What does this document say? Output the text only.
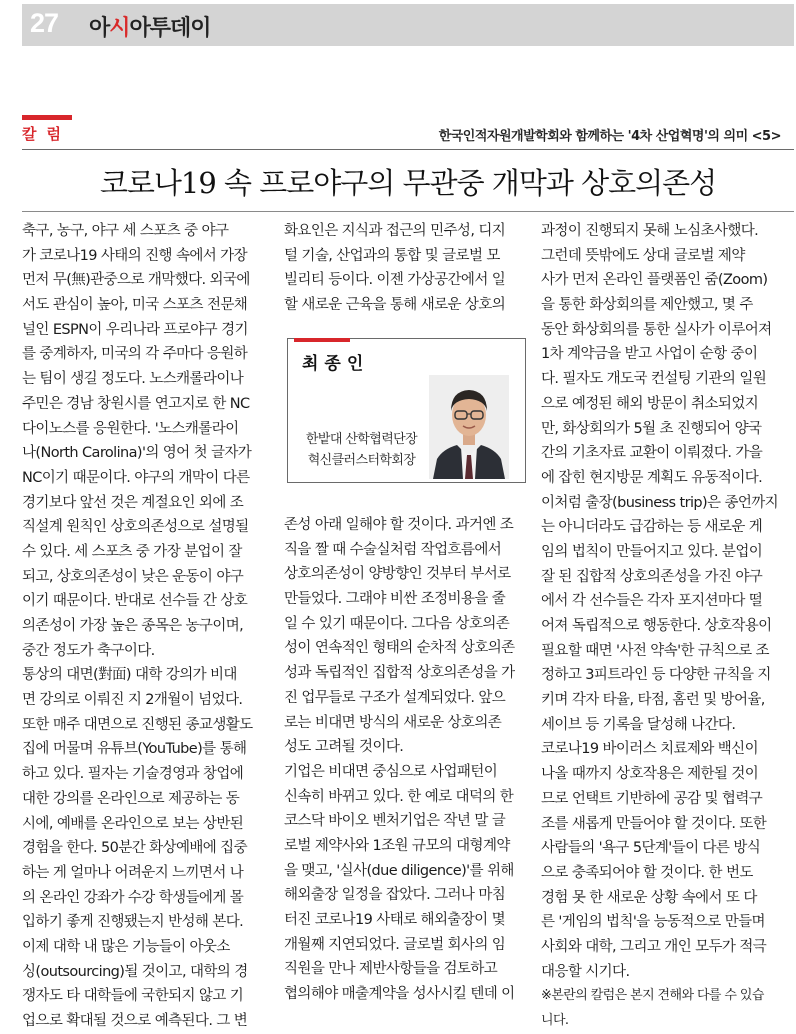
27 아시아투데이
칼럼	한국인적자원개발학회와 함께하는 '4차 산업혁명'의 의미 <5>
코로나19 속 프로야구의 무관중 개막과 상호의존성
축구, 농구, 야구 세 스포츠 중 야구
가 코로나19 사태의 진행 속에서 가장
먼저 무(無)관중으로 개막했다. 외국에
서도 관심이 높아, 미국 스포츠 전문채
널인 ESPN이 우리나라 프로야구 경기
를 중계하자, 미국의 각 주마다 응원하
는 팀이 생길 정도다. 노스캐롤라이나
주민은 경남 창원시를 연고지로 한 NC
다이노스를 응원한다. '노스캐롤라이
나(North Carolina)'의 영어 첫 글자가
NC이기 때문이다. 야구의 개막이 다른
경기보다 앞선 것은 계절요인 외에 조
직설계 원칙인 상호의존성으로 설명될
수 있다. 세 스포츠 중 가장 분업이 잘
되고, 상호의존성이 낮은 운동이 야구
이기 때문이다. 반대로 선수들 간 상호
의존성이 가장 높은 종목은 농구이며,
중간 정도가 축구이다.
통상의 대면(對面) 대학 강의가 비대
면 강의로 이뤄진 지 2개월이 넘었다.
또한 매주 대면으로 진행된 종교생활도
집에 머물며 유튜브(YouTube)를 통해
하고 있다. 필자는 기술경영과 창업에
대한 강의를 온라인으로 제공하는 동
시에, 예배를 온라인으로 보는 상반된
경험을 한다. 50분간 화상예배에 집중
하는 게 얼마나 어려운지 느끼면서 나
의 온라인 강좌가 수강 학생들에게 몰
입하기 좋게 진행됐는지 반성해 본다.
이제 대학 내 많은 기능들이 아웃소
싱(outsourcing)될 것이고, 대학의 경
쟁자도 타 대학들에 국한되지 않고 기
업으로 확대될 것으로 예측된다. 그 변
화요인은 지식과 접근의 민주성, 디지
털 기술, 산업과의 통합 및 글로벌 모
빌리티 등이다. 이젠 가상공간에서 일
할 새로운 근육을 통해 새로운 상호의
최종인
한밭대 산학협력단장
혁신클러스터학회장
존성 아래 일해야 할 것이다. 과거엔 조
직을 짤 때 수술실처럼 작업흐름에서
상호의존성이 양방향인 것부터 부서로
만들었다. 그래야 비싼 조정비용을 줄
일 수 있기 때문이다. 그다음 상호의존
성이 연속적인 형태의 순차적 상호의존
성과 독립적인 집합적 상호의존성을 가
진 업무들로 구조가 설계되었다. 앞으
로는 비대면 방식의 새로운 상호의존
성도 고려될 것이다.
기업은 비대면 중심으로 사업패턴이
신속히 바뀌고 있다. 한 예로 대덕의 한
코스닥 바이오 벤처기업은 작년 말 글
로벌 제약사와 1조원 규모의 대형계약
을 맺고, '실사(due diligence)'를 위해
해외출장 일정을 잡았다. 그러나 마침
터진 코로나19 사태로 해외출장이 몇
개월째 지연되었다. 글로벌 회사의 임
직원을 만나 제반사항들을 검토하고
협의해야 매출계약을 성사시킬 텐데 이
과정이 진행되지 못해 노심초사했다.
그런데 뜻밖에도 상대 글로벌 제약
사가 먼저 온라인 플랫폼인 줌(Zoom)
을 통한 화상회의를 제안했고, 몇 주
동안 화상회의를 통한 실사가 이루어져
1차 계약금을 받고 사업이 순항 중이
다. 필자도 개도국 컨설팅 기관의 일원
으로 예정된 해외 방문이 취소되었지
만, 화상회의가 5월 초 진행되어 양국
간의 기초자료 교환이 이뤄졌다. 가을
에 잡힌 현지방문 계획도 유동적이다.
이처럼 출장(business trip)은 종언까지
는 아니더라도 급감하는 등 새로운 게
임의 법칙이 만들어지고 있다. 분업이
잘 된 집합적 상호의존성을 가진 야구
에서 각 선수들은 각자 포지션마다 떨
어져 독립적으로 행동한다. 상호작용이
필요할 때면 '사전 약속'한 규칙으로 조
정하고 3피트라인 등 다양한 규칙을 지
키며 각자 타율, 타점, 홈런 및 방어율,
세이브 등 기록을 달성해 나간다.
코로나19 바이러스 치료제와 백신이
나올 때까지 상호작용은 제한될 것이
므로 언택트 기반하에 공감 및 협력구
조를 새롭게 만들어야 할 것이다. 또한
사람들의 '욕구 5단계'들이 다른 방식
으로 충족되어야 할 것이다. 한 번도
경험 못 한 새로운 상황 속에서 또 다
른 '게임의 법칙'을 능동적으로 만들며
사회와 대학, 그리고 개인 모두가 적극
대응할 시기다.
※본란의 칼럼은 본지 견해와 다를 수 있습
니다.
